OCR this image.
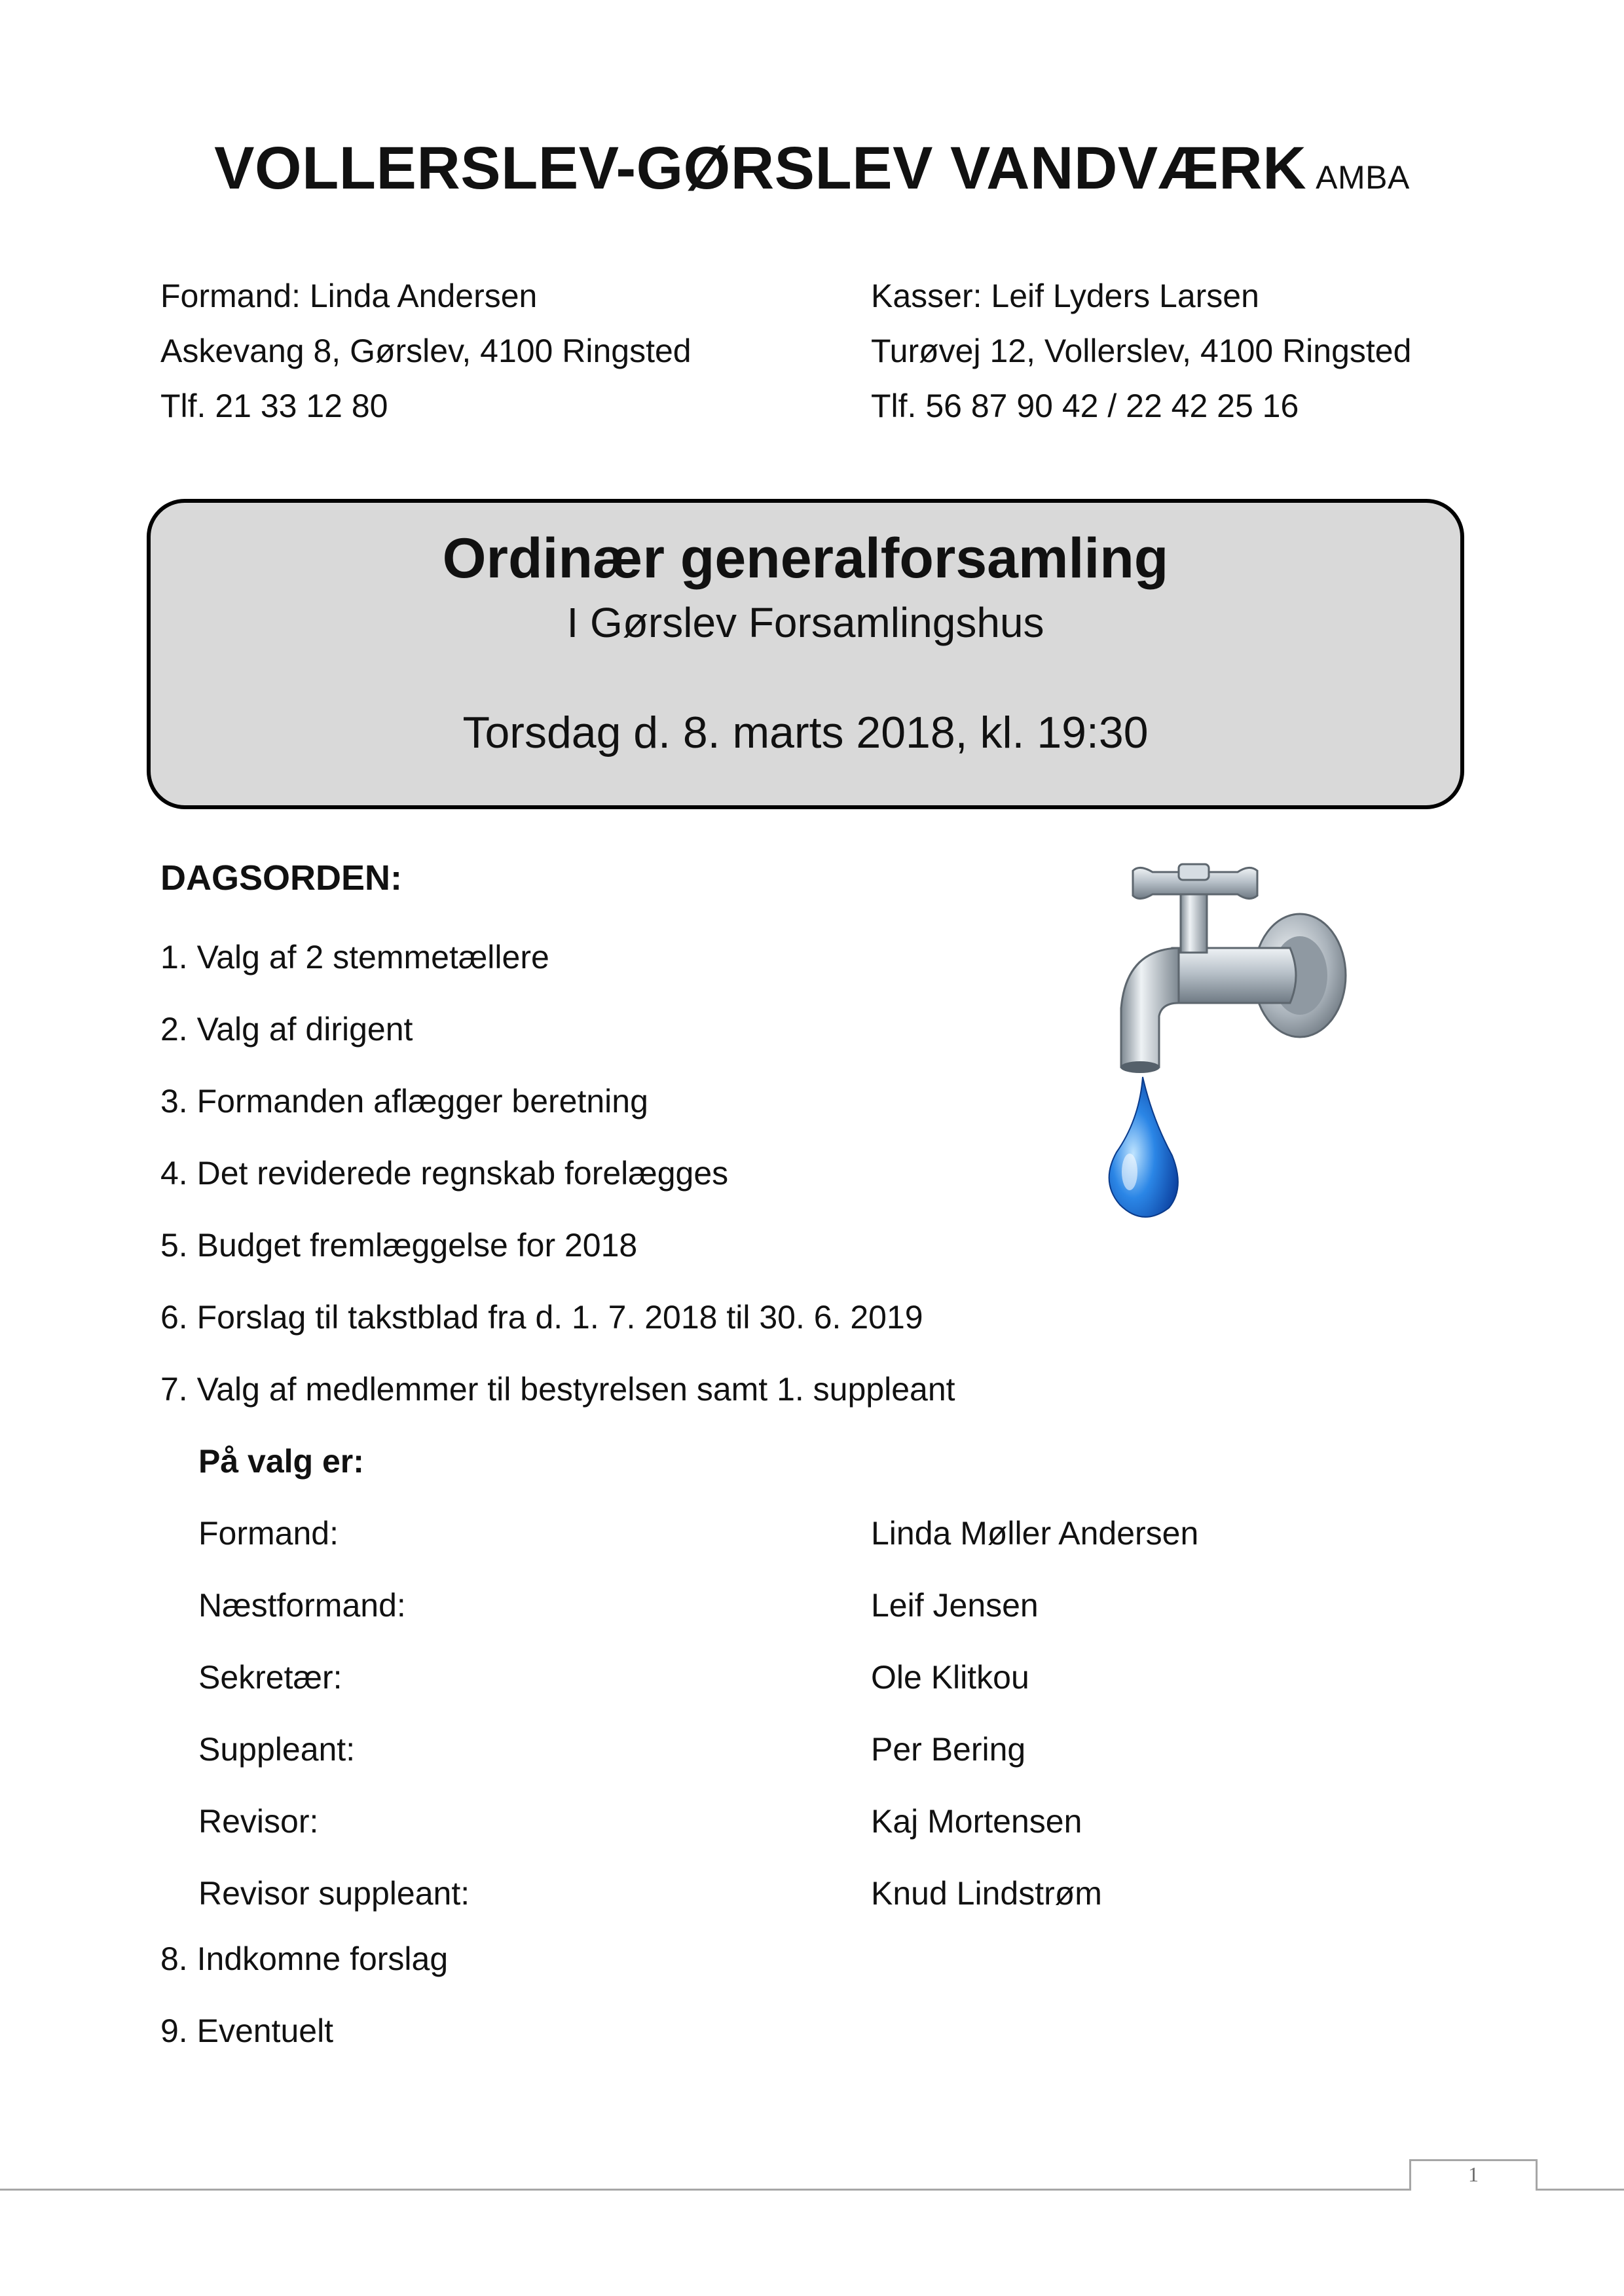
VOLLERSLEV-GØRSLEV VANDVÆRK AMBA
Formand: Linda Andersen
Askevang 8, Gørslev, 4100 Ringsted
Tlf. 21 33 12 80
Kasser: Leif Lyders Larsen
Turøvej 12, Vollerslev, 4100 Ringsted
Tlf. 56 87 90 42 / 22 42 25 16
Ordinær generalforsamling
I Gørslev Forsamlingshus
Torsdag d. 8. marts 2018, kl. 19:30
DAGSORDEN:
1. Valg af 2 stemmetællere
2. Valg af dirigent
3. Formanden aflægger beretning
4. Det reviderede regnskab forelægges
5. Budget fremlæggelse for 2018
6. Forslag til takstblad fra d. 1. 7. 2018 til 30. 6. 2019
7. Valg af medlemmer til bestyrelsen samt 1. suppleant
På valg er:
Formand:	Linda Møller Andersen
Næstformand:	Leif Jensen
Sekretær:	Ole Klitkou
Suppleant:	Per Bering
Revisor:	Kaj Mortensen
Revisor suppleant:	Knud Lindstrøm
8. Indkomne forslag
9. Eventuelt
1
